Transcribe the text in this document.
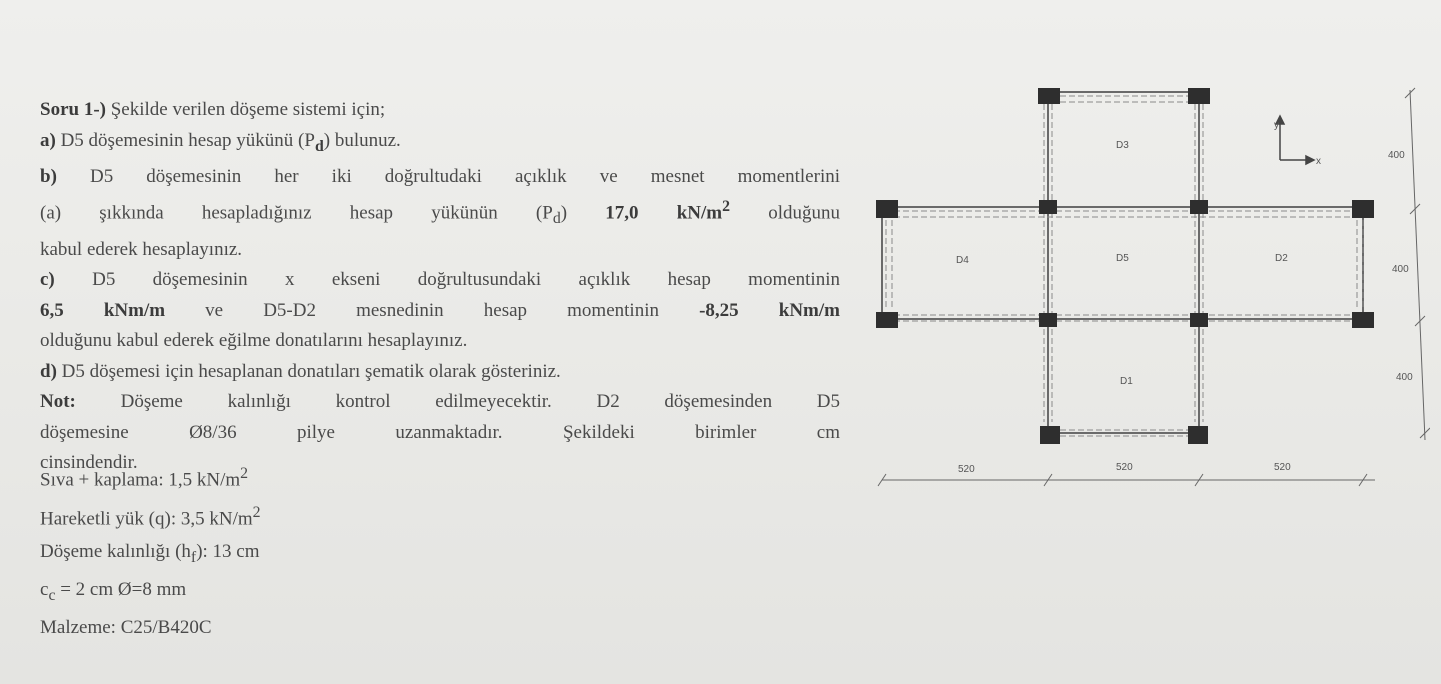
Soru 1-) Şekilde verilen döşeme sistemi için;
a) D5 döşemesinin hesap yükünü $(P_d)$ bulunuz.
b) D5 döşemesinin her iki doğrultudaki açıklık ve mesnet momentlerini
(a) şıkkında hesapladığınız hesap yükünün $(P_d)$ 17,0 $kN/m^2$ olduğunu
kabul ederek hesaplayınız.
c) D5 döşemesinin x ekseni doğrultusundaki açıklık hesap momentinin
6,5 kNm/m ve D5-D2 mesnedinin hesap momentinin -8,25 kNm/m
olduğunu kabul ederek eğilme donatılarını hesaplayınız.
d) D5 döşemesi için hesaplanan donatıları şematik olarak gösteriniz.
Not: Döşeme kalınlığı kontrol edilmeyecektir. D2 döşemesinden D5
döşemesine Ø8/36 pilye uzanmaktadır. Şekildeki birimler cm
cinsindendir.
Sıva + kaplama: 1,5 $kN/m^2$
Hareketli yük (q): 3,5 $kN/m^2$
Döşeme kalınlığı $(h_f)$: 13 cm
$c_c = 2$ cm Ø=8 mm
Malzeme: C25/B420C
D3
D4	D5	D2
D1
y
x
520	520	520
400
400
400
